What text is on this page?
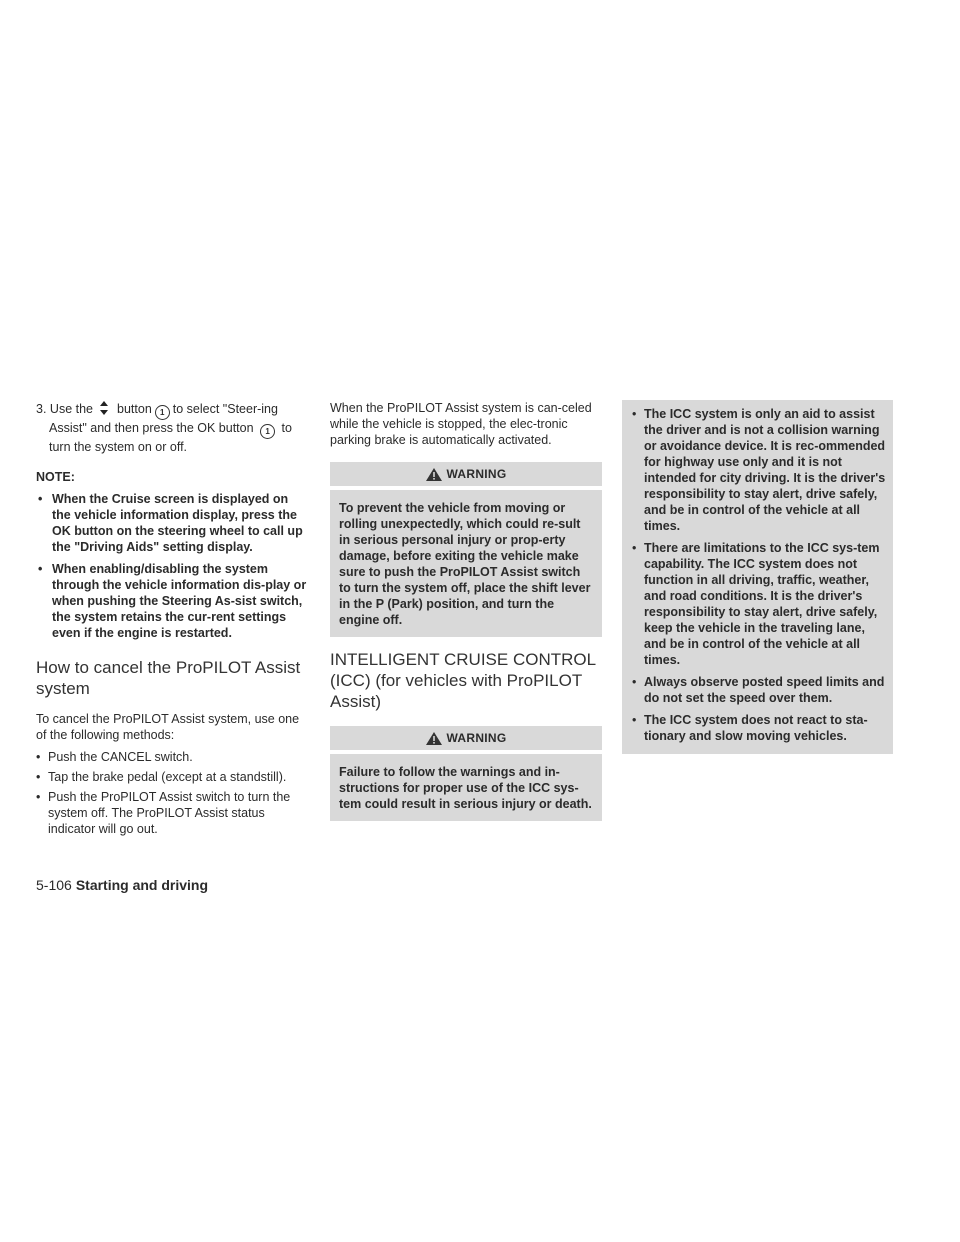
3. Use the button 1 to select "Steer-ing Assist" and then press the OK button 1 to turn the system on or off.
NOTE:
• When the Cruise screen is displayed on the vehicle information display, press the OK button on the steering wheel to call up the "Driving Aids" setting display.
• When enabling/disabling the system through the vehicle information dis-play or when pushing the Steering As-sist switch, the system retains the cur-rent settings even if the engine is restarted.
How to cancel the ProPILOT Assist system
To cancel the ProPILOT Assist system, use one of the following methods:
• Push the CANCEL switch.
• Tap the brake pedal (except at a standstill).
• Push the ProPILOT Assist switch to turn the system off. The ProPILOT Assist status indicator will go out.
When the ProPILOT Assist system is can-celed while the vehicle is stopped, the elec-tronic parking brake is automatically activated.
WARNING
To prevent the vehicle from moving or rolling unexpectedly, which could re-sult in serious personal injury or prop-erty damage, before exiting the vehicle make sure to push the ProPILOT Assist switch to turn the system off, place the shift lever in the P (Park) position, and turn the engine off.
INTELLIGENT CRUISE CONTROL (ICC) (for vehicles with ProPILOT Assist)
WARNING
Failure to follow the warnings and in-structions for proper use of the ICC sys-tem could result in serious injury or death.
• The ICC system is only an aid to assist the driver and is not a collision warning or avoidance device. It is rec-ommended for highway use only and it is not intended for city driving. It is the driver's responsibility to stay alert, drive safely, and be in control of the vehicle at all times.
• There are limitations to the ICC sys-tem capability. The ICC system does not function in all driving, traffic, weather, and road conditions. It is the driver's responsibility to stay alert, drive safely, keep the vehicle in the traveling lane, and be in control of the vehicle at all times.
• Always observe posted speed limits and do not set the speed over them.
• The ICC system does not react to sta-tionary and slow moving vehicles.
5-106 Starting and driving
